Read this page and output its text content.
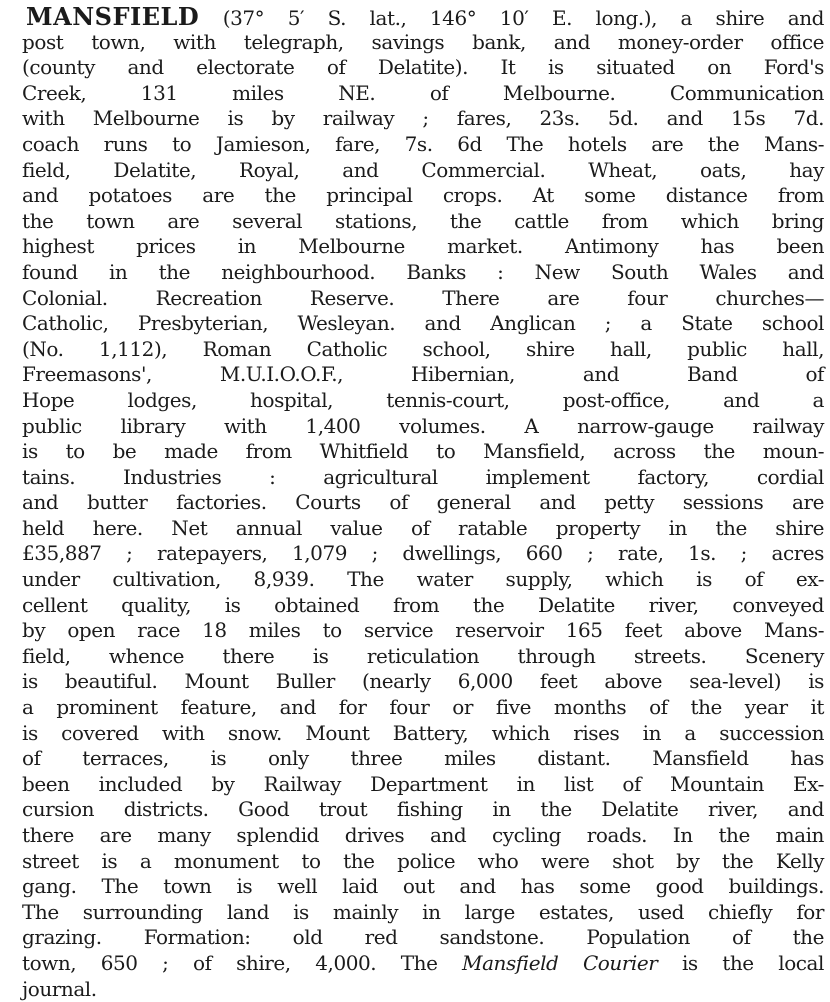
MANSFIELD (37° 5′ S. lat., 146° 10′ E. long.), a shire and
post town, with telegraph, savings bank, and money-order office
(county and electorate of Delatite). It is situated on Ford's
Creek, 131 miles NE. of Melbourne. Communication
with Melbourne is by railway ; fares, 23s. 5d. and 15s 7d.
coach runs to Jamieson, fare, 7s. 6d The hotels are the Mans-
field, Delatite, Royal, and Commercial. Wheat, oats, hay
and potatoes are the principal crops. At some distance from
the town are several stations, the cattle from which bring
highest prices in Melbourne market. Antimony has been
found in the neighbourhood. Banks : New South Wales and
Colonial. Recreation Reserve. There are four churches—
Catholic, Presbyterian, Wesleyan. and Anglican ; a State school
(No. 1,112), Roman Catholic school, shire hall, public hall,
Freemasons', M.U.I.O.O.F., Hibernian, and Band of
Hope lodges, hospital, tennis-court, post-office, and a
public library with 1,400 volumes. A narrow-gauge railway
is to be made from Whitfield to Mansfield, across the moun-
tains. Industries : agricultural implement factory, cordial
and butter factories. Courts of general and petty sessions are
held here. Net annual value of ratable property in the shire
£35,887 ; ratepayers, 1,079 ; dwellings, 660 ; rate, 1s. ; acres
under cultivation, 8,939. The water supply, which is of ex-
cellent quality, is obtained from the Delatite river, conveyed
by open race 18 miles to service reservoir 165 feet above Mans-
field, whence there is reticulation through streets. Scenery
is beautiful. Mount Buller (nearly 6,000 feet above sea-level) is
a prominent feature, and for four or five months of the year it
is covered with snow. Mount Battery, which rises in a succession
of terraces, is only three miles distant. Mansfield has
been included by Railway Department in list of Mountain Ex-
cursion districts. Good trout fishing in the Delatite river, and
there are many splendid drives and cycling roads. In the main
street is a monument to the police who were shot by the Kelly
gang. The town is well laid out and has some good buildings.
The surrounding land is mainly in large estates, used chiefly for
grazing. Formation: old red sandstone. Population of the
town, 650 ; of shire, 4,000. The Mansfield Courier is the local
journal.
